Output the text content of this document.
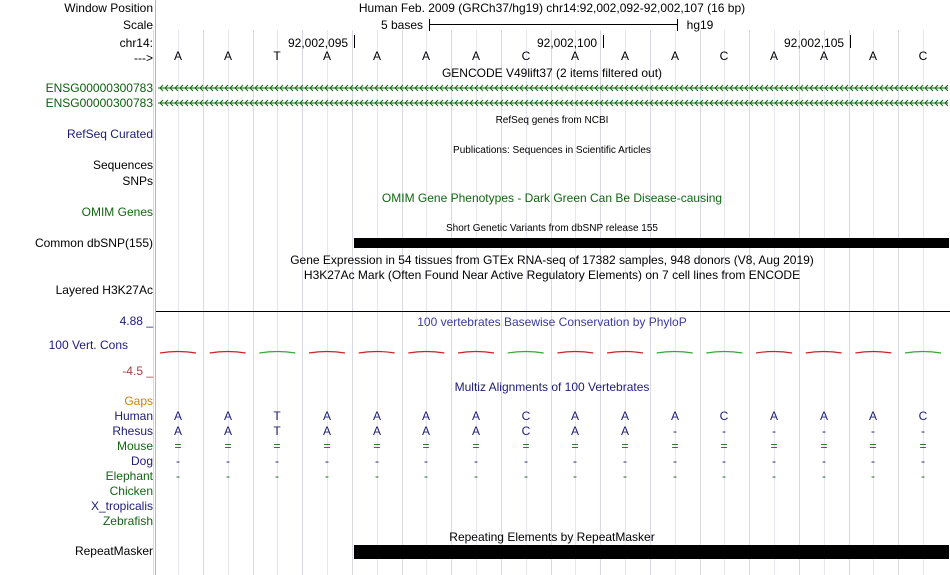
Window Position	Human Feb. 2009 (GRCh37/hg19) chr14:92,002,092-92,002,107 (16 bp)
Scale	5 bases	hg19
chr14:	92,002,095	92,002,100	92,002,105
---> A	A	T	A	A	A	A	C	A	A	A	C	A	A	A	C
GENCODE V49lift37 (2 items filtered out)
ENSG00000300783
ENSG00000300783
RefSeq genes from NCBI
RefSeq Curated
Publications: Sequences in Scientific Articles
Sequences
SNPs
OMIM Gene Phenotypes - Dark Green Can Be Disease-causing
OMIM Genes
Short Genetic Variants from dbSNP release 155
Common dbSNP(155)
Gene Expression in 54 tissues from GTEx RNA-seq of 17382 samples, 948 donors (V8, Aug 2019)
H3K27Ac Mark (Often Found Near Active Regulatory Elements) on 7 cell lines from ENCODE
Layered H3K27Ac
4.88 _	100 vertebrates Basewise Conservation by PhyloP
100 Vert. Cons
-4.5 _
Multiz Alignments of 100 Vertebrates
Gaps
Human A	A	T	A	A	A	A	C	A	A	A	C	A	A	A	C
Rhesus A	A	T	A	A	A	A	C	A	A	-	-	-	-	-	-
Mouse =	=	=	=	=	=	=	=	=	=	=	=	=	=	=	=
Dog	-	-	-	-	-	-	-	-	-	-	-	-	-	-	-	-
Elephant	-	-	-	-	-	-	-	-	-	-	-	-	-	-	-	-
Chicken
X_tropicalis
Zebrafish
Repeating Elements by RepeatMasker
RepeatMasker
